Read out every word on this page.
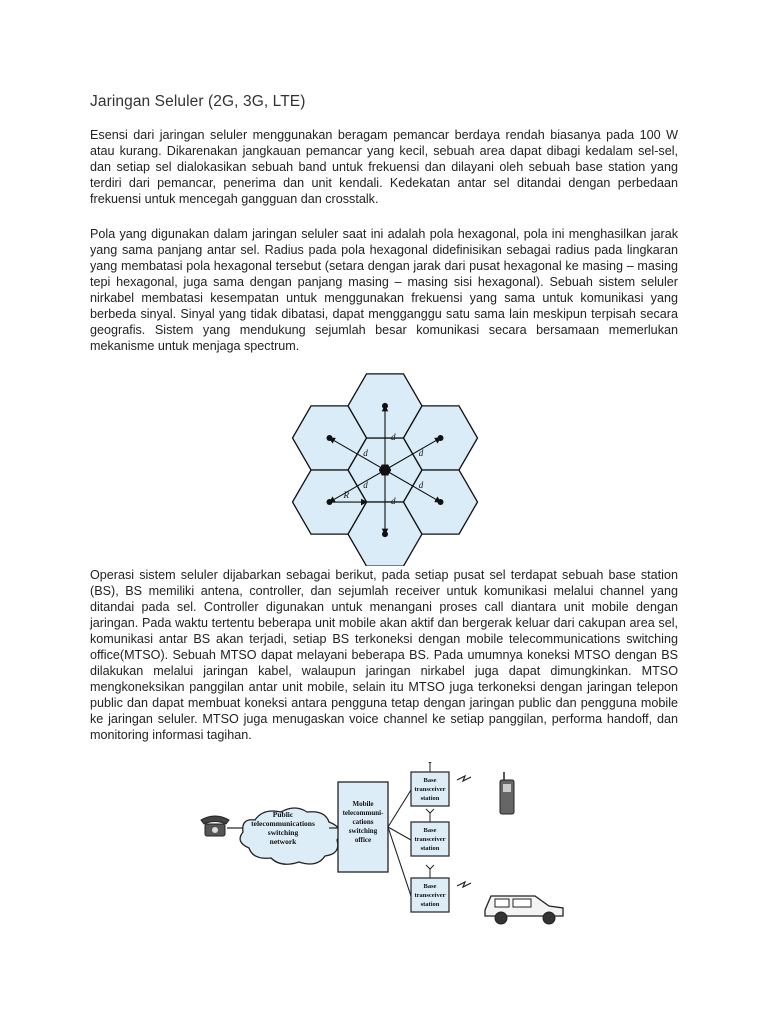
Jaringan Seluler (2G, 3G, LTE)

Esensi dari jaringan seluler menggunakan beragam pemancar berdaya rendah biasanya pada 100 W atau kurang. Dikarenakan jangkauan pemancar yang kecil, sebuah area dapat dibagi kedalam sel-sel, dan setiap sel dialokasikan sebuah band untuk frekuensi dan dilayani oleh sebuah base station yang terdiri dari pemancar, penerima dan unit kendali. Kedekatan antar sel ditandai dengan perbedaan frekuensi untuk mencegah gangguan dan crosstalk.

Pola yang digunakan dalam jaringan seluler saat ini adalah pola hexagonal, pola ini menghasilkan jarak yang sama panjang antar sel. Radius pada pola hexagonal didefinisikan sebagai radius pada lingkaran yang membatasi pola hexagonal tersebut (setara dengan jarak dari pusat hexagonal ke masing – masing tepi hexagonal, juga sama dengan panjang masing – masing sisi hexagonal). Sebuah sistem seluler nirkabel membatasi kesempatan untuk menggunakan frekuensi yang sama untuk komunikasi yang berbeda sinyal. Sinyal yang tidak dibatasi, dapat mengganggu satu sama lain meskipun terpisah secara geografis. Sistem yang mendukung sejumlah besar komunikasi secara bersamaan memerlukan mekanisme untuk menjaga spectrum.

d
d
d
d
d
d
R

Operasi sistem seluler dijabarkan sebagai berikut, pada setiap pusat sel terdapat sebuah base station (BS), BS memiliki antena, controller, dan sejumlah receiver untuk komunikasi melalui channel yang ditandai pada sel. Controller digunakan untuk menangani proses call diantara unit mobile dengan jaringan. Pada waktu tertentu beberapa unit mobile akan aktif dan bergerak keluar dari cakupan area sel, komunikasi antar BS akan terjadi, setiap BS terkoneksi dengan mobile telecommunications switching office(MTSO). Sebuah MTSO dapat melayani beberapa BS. Pada umumnya koneksi MTSO dengan BS dilakukan melalui jaringan kabel, walaupun jaringan nirkabel juga dapat dimungkinkan. MTSO mengkoneksikan panggilan antar unit mobile, selain itu MTSO juga terkoneksi dengan jaringan telepon public dan dapat membuat koneksi antara pengguna tetap dengan jaringan public dan pengguna mobile ke jaringan seluler. MTSO juga menugaskan voice channel ke setiap panggilan, performa handoff, dan monitoring informasi tagihan.

Public
telecommunications
switching
network
Mobile
telecommuni-
cations
switching
office
Base
transceiver
station
Base
transceiver
station
Base
transceiver
station
